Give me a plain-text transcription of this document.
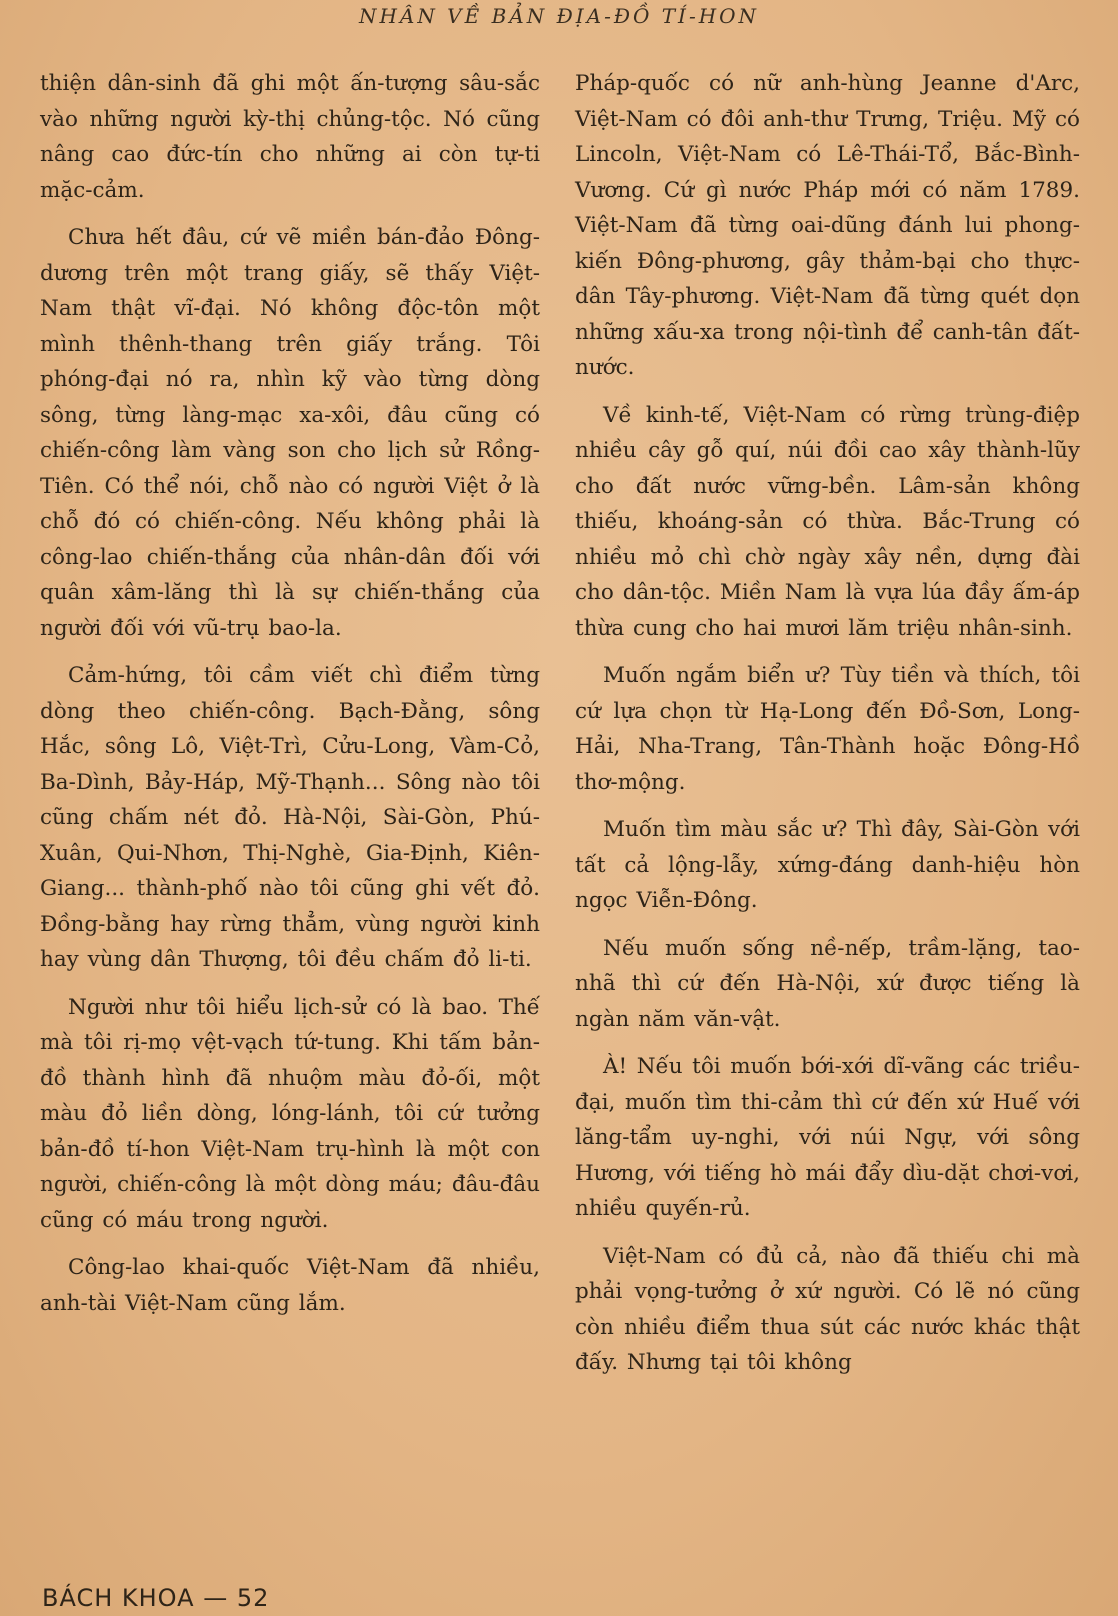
NHÂN VỀ BẢN ĐỊA-ĐỒ TÍ-HON

thiện dân-sinh đã ghi một ấn-tượng sâu-sắc vào những người kỳ-thị chủng-tộc. Nó cũng nâng cao đức-tín cho những ai còn tự-ti mặc-cảm.

Chưa hết đâu, cứ vẽ miền bán-đảo Đông-dương trên một trang giấy, sẽ thấy Việt-Nam thật vĩ-đại. Nó không độc-tôn một mình thênh-thang trên giấy trắng. Tôi phóng-đại nó ra, nhìn kỹ vào từng dòng sông, từng làng-mạc xa-xôi, đâu cũng có chiến-công làm vàng son cho lịch sử Rồng-Tiên. Có thể nói, chỗ nào có người Việt ở là chỗ đó có chiến-công. Nếu không phải là công-lao chiến-thắng của nhân-dân đối với quân xâm-lăng thì là sự chiến-thắng của người đối với vũ-trụ bao-la.

Cảm-hứng, tôi cầm viết chì điểm từng dòng theo chiến-công. Bạch-Đằng, sông Hắc, sông Lô, Việt-Trì, Cửu-Long, Vàm-Cỏ, Ba-Dình, Bảy-Háp, Mỹ-Thạnh... Sông nào tôi cũng chấm nét đỏ. Hà-Nội, Sài-Gòn, Phú-Xuân, Qui-Nhơn, Thị-Nghè, Gia-Định, Kiên-Giang... thành-phố nào tôi cũng ghi vết đỏ. Đồng-bằng hay rừng thẳm, vùng người kinh hay vùng dân Thượng, tôi đều chấm đỏ li-ti.

Người như tôi hiểu lịch-sử có là bao. Thế mà tôi rị-mọ vệt-vạch tứ-tung. Khi tấm bản-đồ thành hình đã nhuộm màu đỏ-ối, một màu đỏ liền dòng, lóng-lánh, tôi cứ tưởng bản-đồ tí-hon Việt-Nam trụ-hình là một con người, chiến-công là một dòng máu; đâu-đâu cũng có máu trong người.

Công-lao khai-quốc Việt-Nam đã nhiều, anh-tài Việt-Nam cũng lắm.

Pháp-quốc có nữ anh-hùng Jeanne d'Arc, Việt-Nam có đôi anh-thư Trưng, Triệu. Mỹ có Lincoln, Việt-Nam có Lê-Thái-Tổ, Bắc-Bình-Vương. Cứ gì nước Pháp mới có năm 1789. Việt-Nam đã từng oai-dũng đánh lui phong-kiến Đông-phương, gây thảm-bại cho thực-dân Tây-phương. Việt-Nam đã từng quét dọn những xấu-xa trong nội-tình để canh-tân đất-nước.

Về kinh-tế, Việt-Nam có rừng trùng-điệp nhiều cây gỗ quí, núi đồi cao xây thành-lũy cho đất nước vững-bền. Lâm-sản không thiếu, khoáng-sản có thừa. Bắc-Trung có nhiều mỏ chì chờ ngày xây nền, dựng đài cho dân-tộc. Miền Nam là vựa lúa đầy ấm-áp thừa cung cho hai mươi lăm triệu nhân-sinh.

Muốn ngắm biển ư? Tùy tiền và thích, tôi cứ lựa chọn từ Hạ-Long đến Đồ-Sơn, Long-Hải, Nha-Trang, Tân-Thành hoặc Đông-Hồ thơ-mộng.

Muốn tìm màu sắc ư? Thì đây, Sài-Gòn với tất cả lộng-lẫy, xứng-đáng danh-hiệu hòn ngọc Viễn-Đông.

Nếu muốn sống nề-nếp, trầm-lặng, tao-nhã thì cứ đến Hà-Nội, xứ được tiếng là ngàn năm văn-vật.

À! Nếu tôi muốn bới-xới dĩ-vãng các triều-đại, muốn tìm thi-cảm thì cứ đến xứ Huế với lăng-tẩm uy-nghi, với núi Ngự, với sông Hương, với tiếng hò mái đẩy dìu-dặt chơi-vơi, nhiều quyến-rủ.

Việt-Nam có đủ cả, nào đã thiếu chi mà phải vọng-tưởng ở xứ người. Có lẽ nó cũng còn nhiều điểm thua sút các nước khác thật đấy. Nhưng tại tôi không

BÁCH KHOA — 52
